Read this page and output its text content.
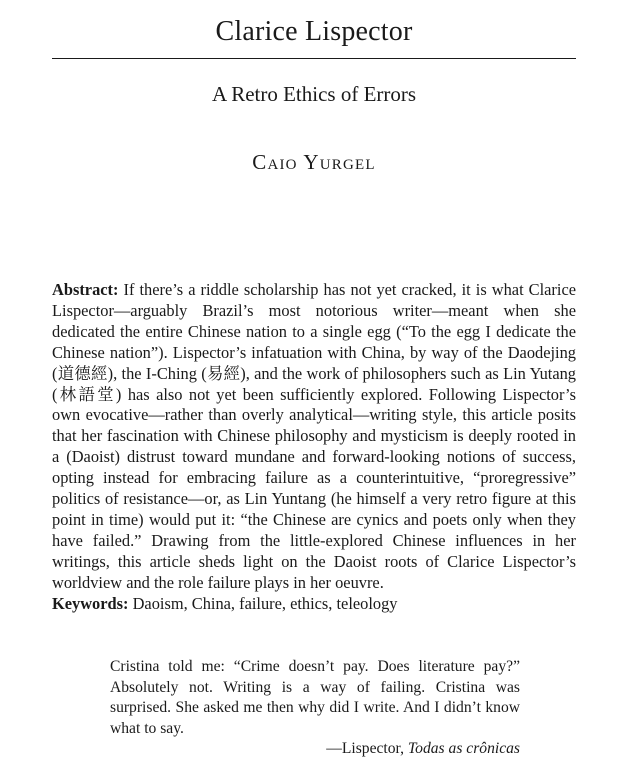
Clarice Lispector
A Retro Ethics of Errors
Caio Yurgel

Abstract: If there’s a riddle scholarship has not yet cracked, it is what Clarice Lispector—arguably Brazil’s most notorious writer—meant when she dedicated the entire Chinese nation to a single egg (“To the egg I dedicate the Chinese nation”). Lispector’s infatuation with China, by way of the Daodejing (道德經), the I-Ching (易經), and the work of philosophers such as Lin Yutang (林語堂) has also not yet been sufficiently explored. Following Lispector’s own evocative—rather than overly analytical—writing style, this article posits that her fascination with Chinese philosophy and mysticism is deeply rooted in a (Daoist) distrust toward mundane and forward-looking notions of success, opting instead for embracing failure as a counterintuitive, “proregressive” politics of resistance—or, as Lin Yuntang (he himself a very retro figure at this point in time) would put it: “the Chinese are cynics and poets only when they have failed.” Drawing from the little-explored Chinese influences in her writings, this article sheds light on the Daoist roots of Clarice Lispector’s worldview and the role failure plays in her oeuvre.

Keywords: Daoism, China, failure, ethics, teleology

Cristina told me: “Crime doesn’t pay. Does literature pay?” Absolutely not. Writing is a way of failing. Cristina was surprised. She asked me then why did I write. And I didn’t know what to say.

—Lispector, Todas as crônicas
